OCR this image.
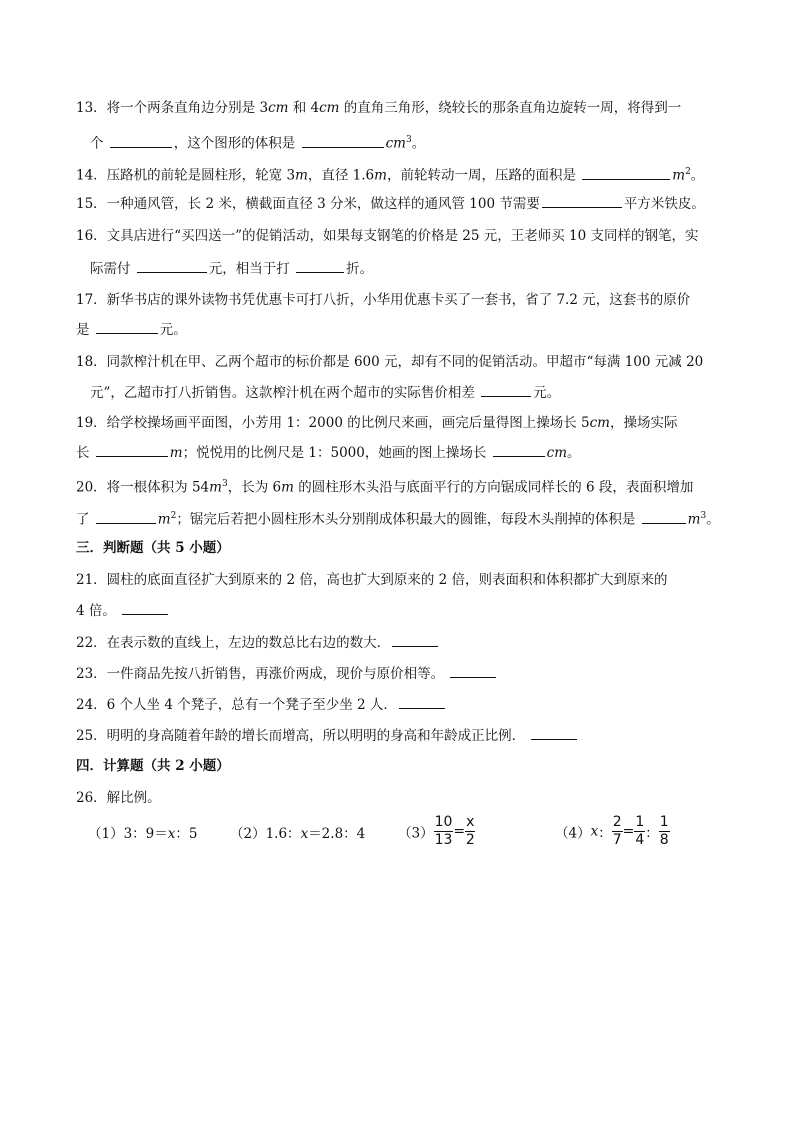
13．将一个两条直角边分别是 3cm 和 4cm 的直角三角形，绕较长的那条直角边旋转一周，将得到一
个	，这个图形的体积是	$cm^3$。
14．压路机的前轮是圆柱形，轮宽 3m，直径 1.6m，前轮转动一周，压路的面积是	$m^2$。
15．一种通风管，长 2 米，横截面直径 3 分米，做这样的通风管 100 节需要	平方米铁皮。
16．文具店进行“买四送一”的促销活动，如果每支钢笔的价格是 25 元，王老师买 10 支同样的钢笔，实
际需付	元，相当于打	折。
17．新华书店的课外读物书凭优惠卡可打八折，小华用优惠卡买了一套书，省了 7.2 元，这套书的原价
是	元。
18．同款榨汁机在甲、乙两个超市的标价都是 600 元，却有不同的促销活动。甲超市“每满 100 元减 20
元”，乙超市打八折销售。这款榨汁机在两个超市的实际售价相差	元。
19．给学校操场画平面图，小芳用 1：2000 的比例尺来画，画完后量得图上操场长 5cm，操场实际
长	m；悦悦用的比例尺是 1：5000，她画的图上操场长	cm。
20．将一根体积为 $54m^3$，长为 6m 的圆柱形木头沿与底面平行的方向锯成同样长的 6 段，表面积增加
了	$m^2$；锯完后若把小圆柱形木头分别削成体积最大的圆锥，每段木头削掉的体积是	$m^3$。
三．判断题（共 5 小题）
21．圆柱的底面直径扩大到原来的 2 倍，高也扩大到原来的 2 倍，则表面积和体积都扩大到原来的
4 倍。
22．在表示数的直线上，左边的数总比右边的数大．
23．一件商品先按八折销售，再涨价两成，现价与原价相等。
24．6 个人坐 4 个凳子，总有一个凳子至少坐 2 人．
25．明明的身高随着年龄的增长而增高，所以明明的身高和年龄成正比例．
四．计算题（共 2 小题）
26．解比例。
（1）3：9＝x：5 （2）1.6：x＝2.8：4 $(3) \frac{10}{13} = \frac{x}{2}$	（4）x： $\frac{2}{7} = \frac{1}{4}$ ： $\frac{1}{8}$
